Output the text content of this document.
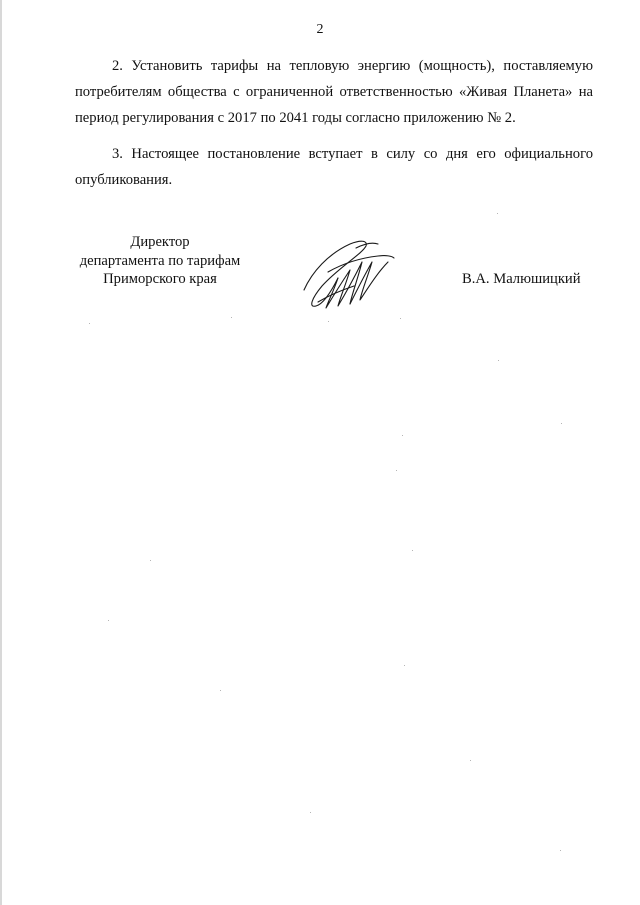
2

2. Установить тарифы на тепловую энергию (мощность), поставляемую потребителям общества с ограниченной ответственностью «Живая Планета» на период регулирования с 2017 по 2041 годы согласно приложению № 2.

3. Настоящее постановление вступает в силу со дня его официального опубликования.

Директор
департамента по тарифам
Приморского края	В.А. Малюшицкий
